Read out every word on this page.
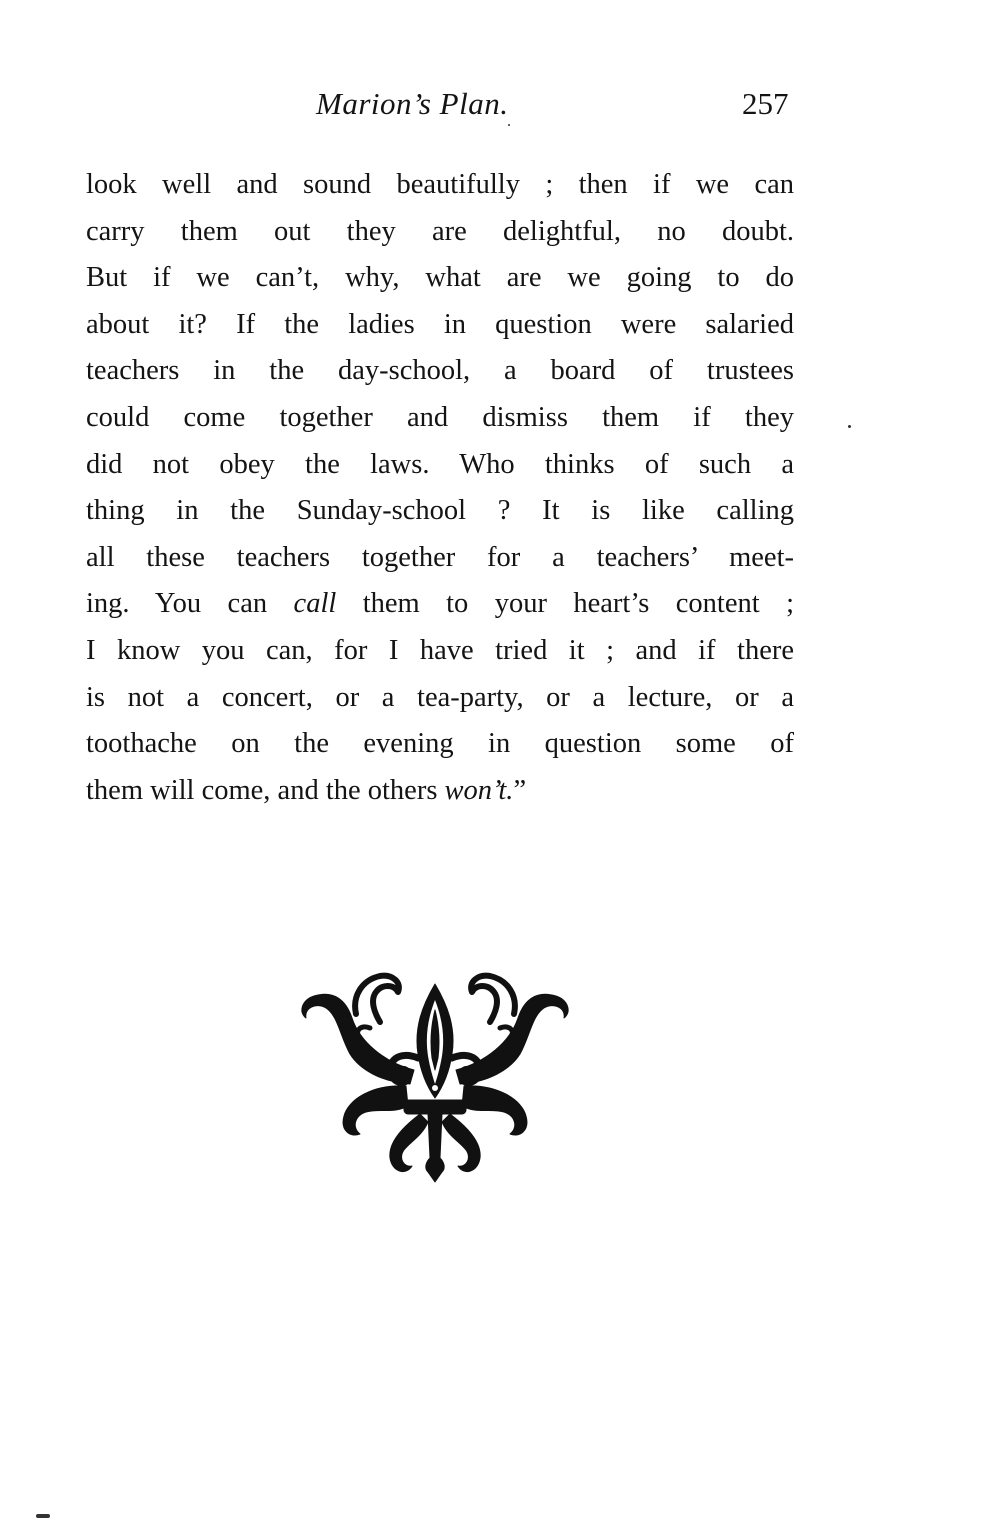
Marion’s Plan.	257
look well and sound beautifully ; then if we can
carry them out they are delightful, no doubt.
But if we can’t, why, what are we going to do
about it? If the ladies in question were salaried
teachers in the day-school, a board of trustees
could come together and dismiss them if they
did not obey the laws. Who thinks of such a
thing in the Sunday-school ? It is like calling
all these teachers together for a teachers’ meet-
ing. You can call them to your heart’s content ;
I know you can, for I have tried it ; and if there
is not a concert, or a tea-party, or a lecture, or a
toothache on the evening in question some of
them will come, and the others won’t.”
